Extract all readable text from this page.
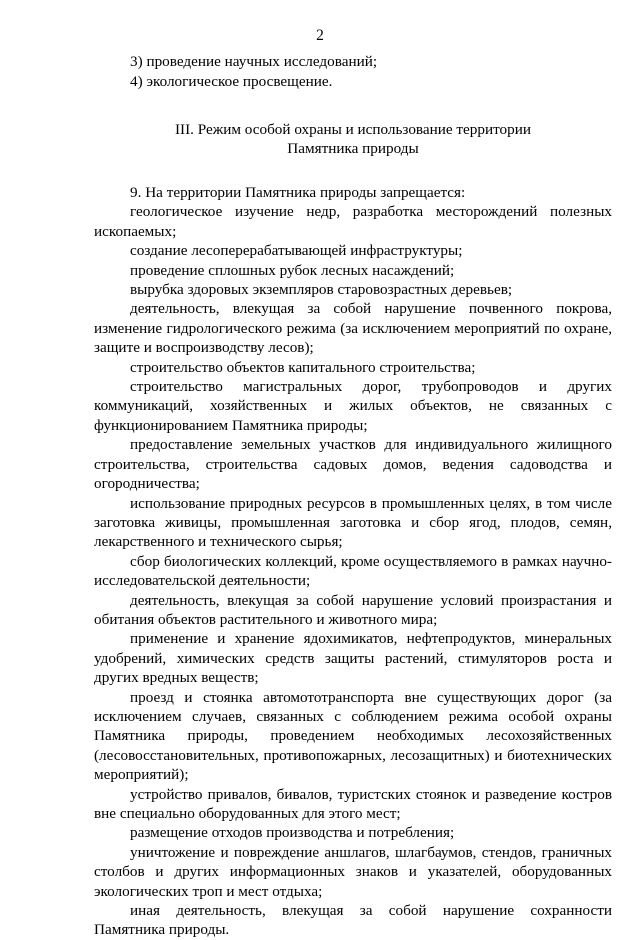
2

3) проведение научных исследований;

4) экологическое просвещение.

III. Режим особой охраны и использование территории
Памятника природы

9. На территории Памятника природы запрещается:

геологическое изучение недр, разработка месторождений полезных ископаемых;

создание лесоперерабатывающей инфраструктуры;

проведение сплошных рубок лесных насаждений;

вырубка здоровых экземпляров старовозрастных деревьев;

деятельность, влекущая за собой нарушение почвенного покрова, изменение гидрологического режима (за исключением мероприятий по охране, защите и воспроизводству лесов);

строительство объектов капитального строительства;

строительство магистральных дорог, трубопроводов и других коммуникаций, хозяйственных и жилых объектов, не связанных с функционированием Памятника природы;

предоставление земельных участков для индивидуального жилищного строительства, строительства садовых домов, ведения садоводства и огородничества;

использование природных ресурсов в промышленных целях, в том числе заготовка живицы, промышленная заготовка и сбор ягод, плодов, семян, лекарственного и технического сырья;

сбор биологических коллекций, кроме осуществляемого в рамках научно-исследовательской деятельности;

деятельность, влекущая за собой нарушение условий произрастания и обитания объектов растительного и животного мира;

применение и хранение ядохимикатов, нефтепродуктов, минеральных удобрений, химических средств защиты растений, стимуляторов роста и других вредных веществ;

проезд и стоянка автомототранспорта вне существующих дорог (за исключением случаев, связанных с соблюдением режима особой охраны Памятника природы, проведением необходимых лесохозяйственных (лесовосстановительных, противопожарных, лесозащитных) и биотехнических мероприятий);

устройство привалов, бивалов, туристских стоянок и разведение костров вне специально оборудованных для этого мест;

размещение отходов производства и потребления;

уничтожение и повреждение аншлагов, шлагбаумов, стендов, граничных столбов и других информационных знаков и указателей, оборудованных экологических троп и мест отдыха;

иная деятельность, влекущая за собой нарушение сохранности Памятника природы.
